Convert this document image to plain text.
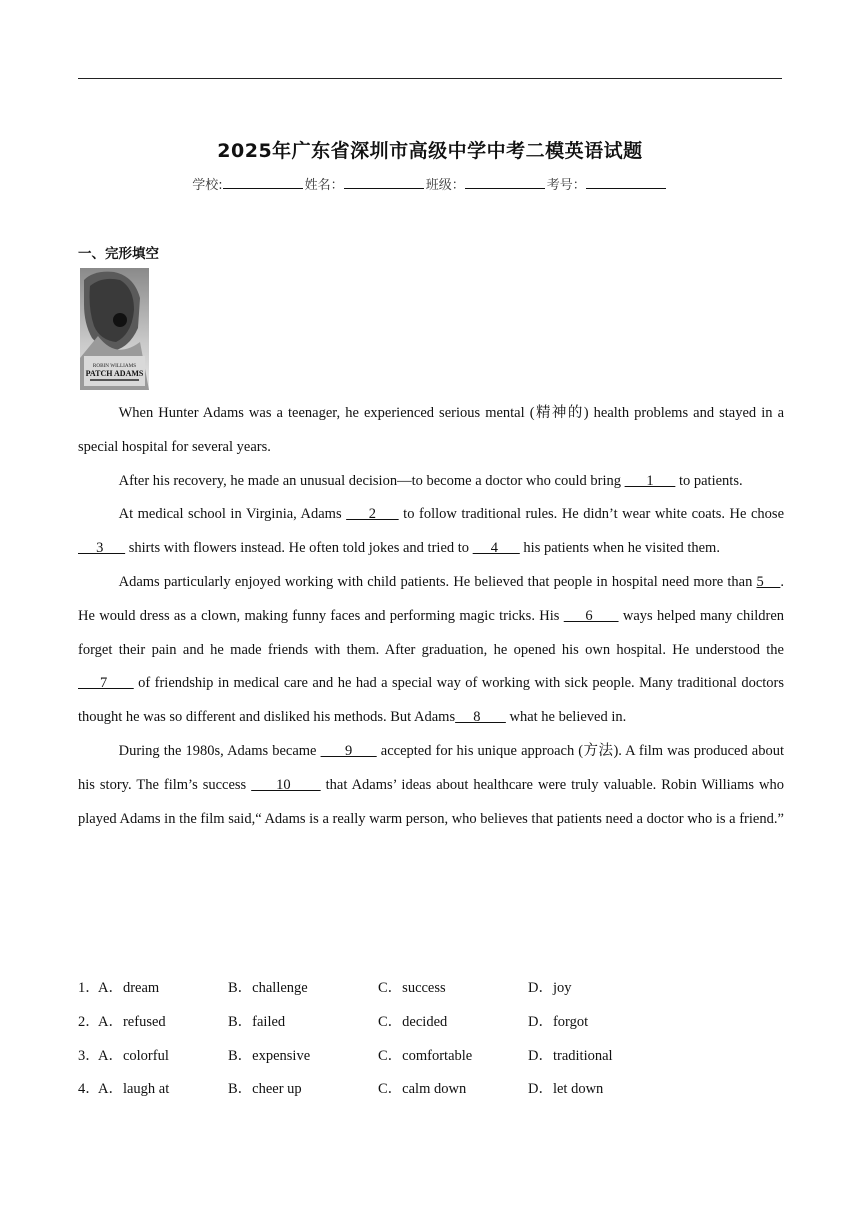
2025年广东省深圳市高级中学中考二模英语试题
学校:	姓名：	班级：	考号：
一、完形填空
ROBIN WILLIAMS
PATCH ADAMS

When Hunter Adams was a teenager, he experienced serious mental (精神的) health problems and stayed in a special hospital for several years.

After his recovery, he made an unusual decision—to become a doctor who could bring       1       to patients.

At medical school in Virginia, Adams      2      to follow traditional rules. He didn’t wear white coats. He chose      3       shirts with flowers instead. He often told jokes and tried to      4       his patients when he visited them.

Adams particularly enjoyed working with child patients. He believed that people in hospital need more than 5    . He would dress as a clown, making funny faces and performing magic tricks. His      6       ways helped many children forget their pain and he made friends with them. After graduation, he opened his own hospital. He understood the      7       of friendship in medical care and he had a special way of working with sick people. Many traditional doctors thought he was so different and disliked his methods. But Adams     8        what he believed in.

During the 1980s, Adams became       9       accepted for his unique approach (方法). A film was produced about his story. The film’s success      10       that Adams’ ideas about healthcare were truly valuable. Robin Williams who played Adams in the film said,“ Adams is a really warm person, who believes that patients need a doctor who is a friend.”

1．
A．dream	B．challenge	C．success	D．joy
2．
A．refused	B．failed	C．decided	D．forgot
3．
A．colorful	B．expensive	C．comfortable	D．traditional
4．
A．laugh at	B．cheer up	C．calm down	D．let down
